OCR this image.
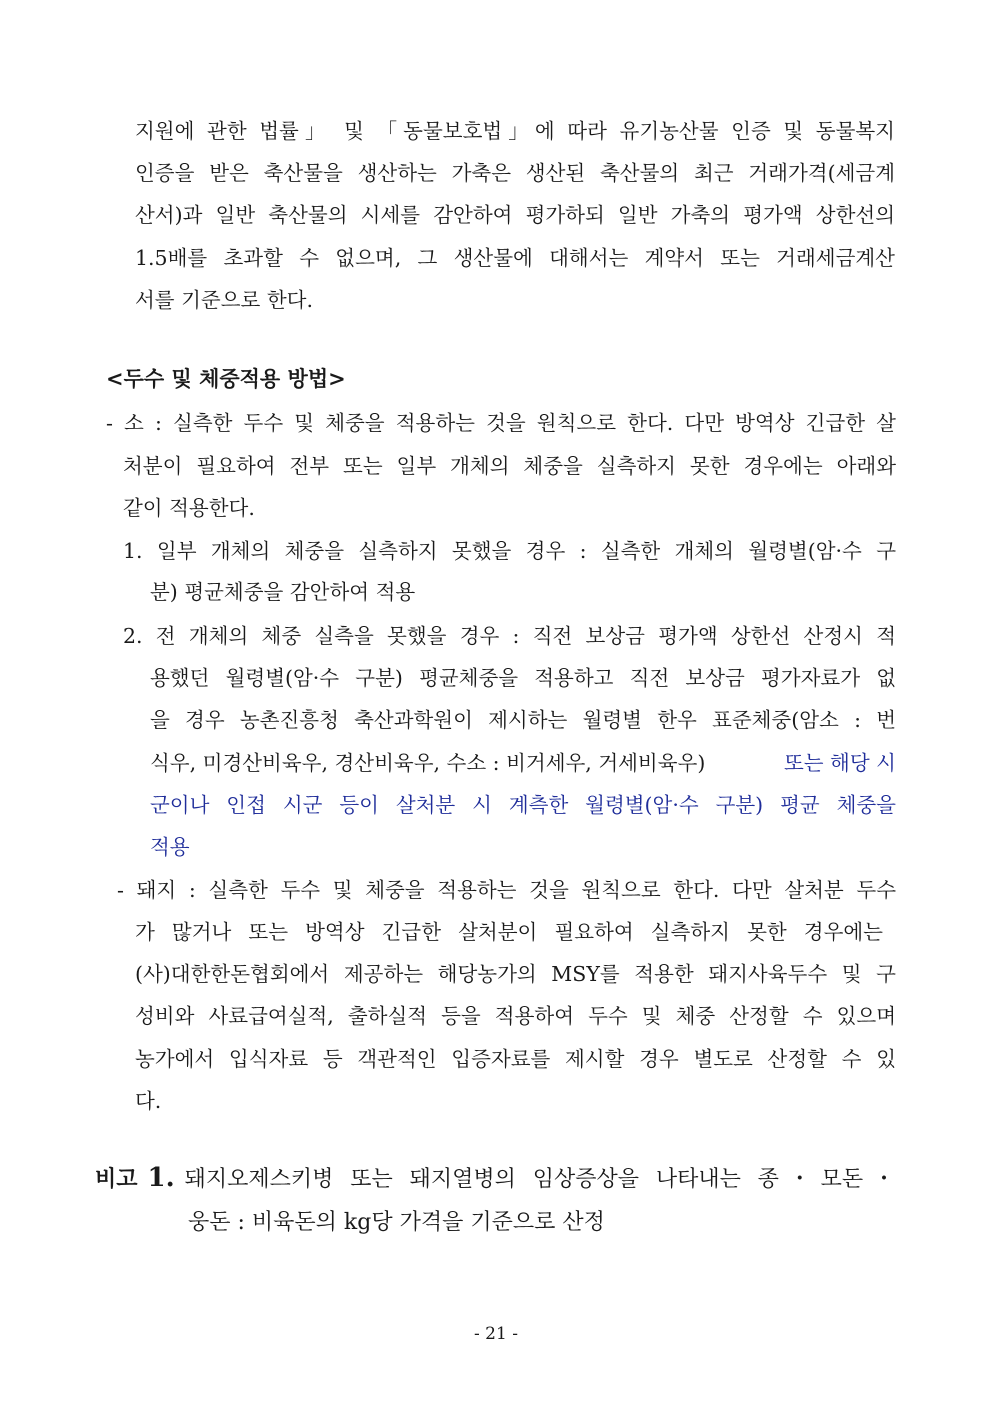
지원에 관한 법률」 및 「동물보호법」에 따라 유기농산물 인증 및 동물복지
인증을 받은 축산물을 생산하는 가축은 생산된 축산물의 최근 거래가격(세금계
산서)과 일반 축산물의 시세를 감안하여 평가하되 일반 가축의 평가액 상한선의
1.5배를 초과할 수 없으며, 그 생산물에 대해서는 계약서 또는 거래세금계산
서를 기준으로 한다.
<두수 및 체중적용 방법>
- 소 : 실측한 두수 및 체중을 적용하는 것을 원칙으로 한다. 다만 방역상 긴급한 살
처분이 필요하여 전부 또는 일부 개체의 체중을 실측하지 못한 경우에는 아래와
같이 적용한다.
1. 일부 개체의 체중을 실측하지 못했을 경우 : 실측한 개체의 월령별(암·수 구
분) 평균체중을 감안하여 적용
2. 전 개체의 체중 실측을 못했을 경우 : 직전 보상금 평가액 상한선 산정시 적
용했던 월령별(암·수 구분) 평균체중을 적용하고 직전 보상금 평가자료가 없
을 경우 농촌진흥청 축산과학원이 제시하는 월령별 한우 표준체중(암소 : 번
식우, 미경산비육우, 경산비육우, 수소 : 비거세우, 거세비육우)	또는 해당 시
군이나 인접 시군 등이 살처분 시 계측한 월령별(암·수 구분) 평균 체중을
적용
- 돼지 : 실측한 두수 및 체중을 적용하는 것을 원칙으로 한다. 다만 살처분 두수
가 많거나 또는 방역상 긴급한 살처분이 필요하여 실측하지 못한 경우에는
(사)대한한돈협회에서 제공하는 해당농가의 MSY를 적용한 돼지사육두수 및 구
성비와 사료급여실적, 출하실적 등을 적용하여 두수 및 체중 산정할 수 있으며
농가에서 입식자료 등 객관적인 입증자료를 제시할 경우 별도로 산정할 수 있
다.
비고 1. 돼지오제스키병 또는 돼지열병의 임상증상을 나타내는 종・모돈・
웅돈 : 비육돈의 kg당 가격을 기준으로 산정
- 21 -
